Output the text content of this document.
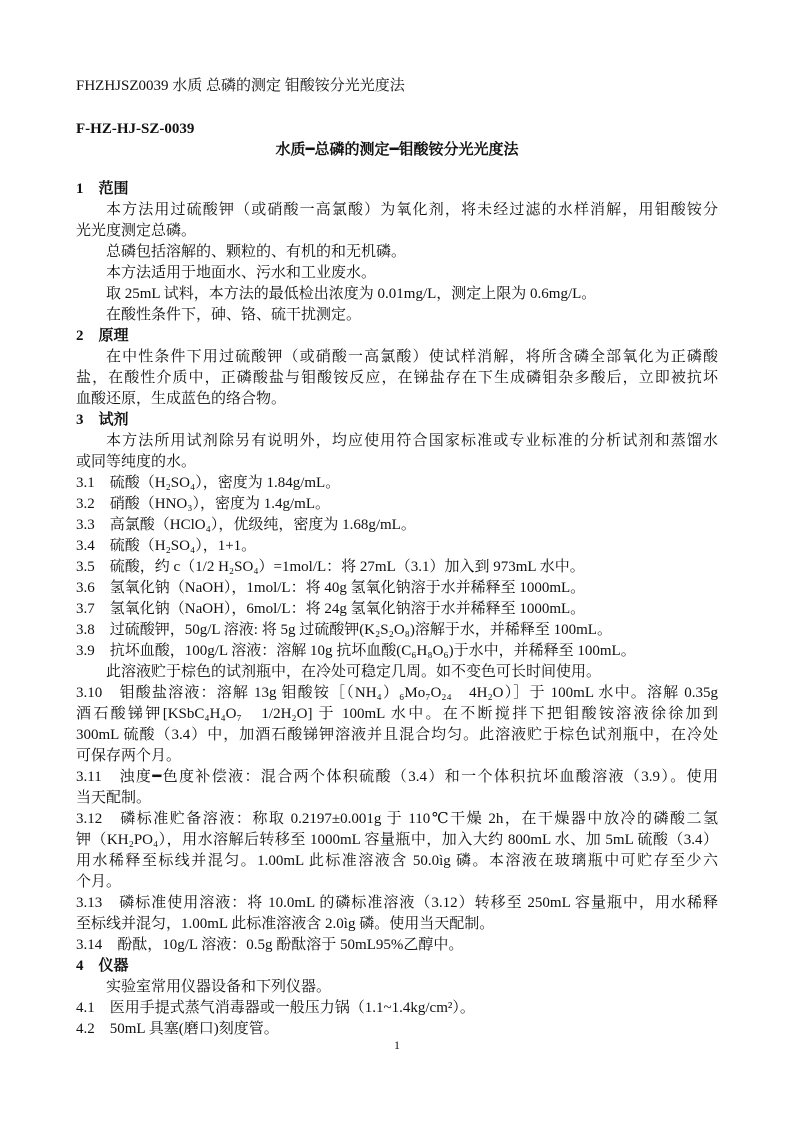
FHZHJSZ0039 水质 总磷的测定 钼酸铵分光光度法
F-HZ-HJ-SZ-0039
水质━总磷的测定━钼酸铵分光光度法
1　范围
本方法用过硫酸钾（或硝酸一高氯酸）为氧化剂，将未经过滤的水样消解，用钼酸铵分
光光度测定总磷。
总磷包括溶解的、颗粒的、有机的和无机磷。
本方法适用于地面水、污水和工业废水。
取 25mL 试料，本方法的最低检出浓度为 0.01mg/L，测定上限为 0.6mg/L。
在酸性条件下，砷、铬、硫干扰测定。
2　原理
在中性条件下用过硫酸钾（或硝酸一高氯酸）使试样消解，将所含磷全部氧化为正磷酸
盐，在酸性介质中，正磷酸盐与钼酸铵反应，在锑盐存在下生成磷钼杂多酸后，立即被抗坏
血酸还原，生成蓝色的络合物。
3　试剂
本方法所用试剂除另有说明外，均应使用符合国家标准或专业标准的分析试剂和蒸馏水
或同等纯度的水。
3.1　硫酸（H₂SO₄），密度为 1.84g/mL。
3.2　硝酸（HNO₃），密度为 1.4g/mL。
3.3　高氯酸（HClO₄），优级纯，密度为 1.68g/mL。
3.4　硫酸（H₂SO₄），1+1。
3.5　硫酸，约 c（1/2 H₂SO₄）=1mol/L：将 27mL（3.1）加入到 973mL 水中。
3.6　氢氧化钠（NaOH），1mol/L：将 40g 氢氧化钠溶于水并稀释至 1000mL。
3.7　氢氧化钠（NaOH），6mol/L：将 24g 氢氧化钠溶于水并稀释至 1000mL。
3.8　过硫酸钾，50g/L 溶液: 将 5g 过硫酸钾(K₂S₂O₈)溶解于水，并稀释至 100mL。
3.9　抗坏血酸，100g/L 溶液：溶解 10g 抗坏血酸(C₆H₈O₆)于水中，并稀释至 100mL。
此溶液贮于棕色的试剂瓶中，在冷处可稳定几周。如不变色可长时间使用。
3.10　钼酸盐溶液：溶解 13g 钼酸铵［（NH₄）₆Mo₇O₂₄　4H₂O）］于 100mL 水中。溶解 0.35g
酒石酸锑钾[KSbC₄H₄O₇　1/2H₂O] 于 100mL 水中。在不断搅拌下把钼酸铵溶液徐徐加到
300mL 硫酸（3.4）中，加酒石酸锑钾溶液并且混合均匀。此溶液贮于棕色试剂瓶中，在冷处
可保存两个月。
3.11　浊度━色度补偿液：混合两个体积硫酸（3.4）和一个体积抗坏血酸溶液（3.9）。使用
当天配制。
3.12　磷标准贮备溶液：称取 0.2197±0.001g 于 110℃干燥 2h，在干燥器中放冷的磷酸二氢
钾（KH₂PO₄），用水溶解后转移至 1000mL 容量瓶中，加入大约 800mL 水、加 5mL 硫酸（3.4）
用水稀释至标线并混匀。1.00mL 此标准溶液含 50.0ìg 磷。本溶液在玻璃瓶中可贮存至少六
个月。
3.13　磷标准使用溶液：将 10.0mL 的磷标准溶液（3.12）转移至 250mL 容量瓶中，用水稀释
至标线并混匀，1.00mL 此标准溶液含 2.0ìg 磷。使用当天配制。
3.14　酚酞，10g/L 溶液：0.5g 酚酞溶于 50mL95%乙醇中。
4　仪器
实验室常用仪器设备和下列仪器。
4.1　医用手提式蒸气消毒器或一般压力锅（1.1~1.4kg/cm²）。
4.2　50mL 具塞(磨口)刻度管。
1
